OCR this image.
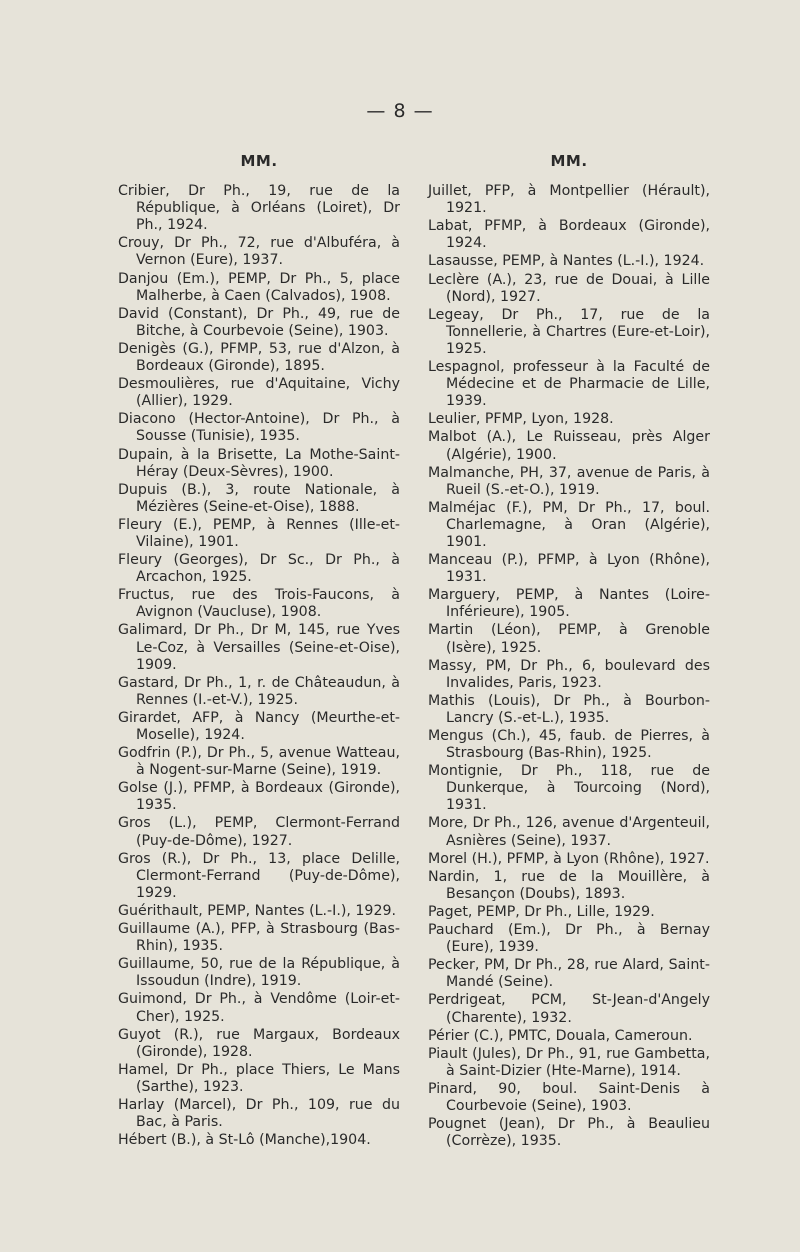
— 8 —
MM.

Cribier, Dr Ph., 19, rue de la République, à Orléans (Loiret), Dr Ph., 1924.

Crouy, Dr Ph., 72, rue d'Albuféra, à Vernon (Eure), 1937.

Danjou (Em.), PEMP, Dr Ph., 5, place Malherbe, à Caen (Calvados), 1908.

David (Constant), Dr Ph., 49, rue de Bitche, à Courbevoie (Seine), 1903.

Denigès (G.), PFMP, 53, rue d'Alzon, à Bordeaux (Gironde), 1895.

Desmoulières, rue d'Aquitaine, Vichy (Allier), 1929.

Diacono (Hector-Antoine), Dr Ph., à Sousse (Tunisie), 1935.

Dupain, à la Brisette, La Mothe-Saint-Héray (Deux-Sèvres), 1900.

Dupuis (B.), 3, route Nationale, à Mézières (Seine-et-Oise), 1888.

Fleury (E.), PEMP, à Rennes (Ille-et-Vilaine), 1901.

Fleury (Georges), Dr Sc., Dr Ph., à Arcachon, 1925.

Fructus, rue des Trois-Faucons, à Avignon (Vaucluse), 1908.

Galimard, Dr Ph., Dr M, 145, rue Yves Le-Coz, à Versailles (Seine-et-Oise), 1909.

Gastard, Dr Ph., 1, r. de Châteaudun, à Rennes (I.-et-V.), 1925.

Girardet, AFP, à Nancy (Meurthe-et-Moselle), 1924.

Godfrin (P.), Dr Ph., 5, avenue Watteau, à Nogent-sur-Marne (Seine), 1919.

Golse (J.), PFMP, à Bordeaux (Gironde), 1935.

Gros (L.), PEMP, Clermont-Ferrand (Puy-de-Dôme), 1927.

Gros (R.), Dr Ph., 13, place Delille, Clermont-Ferrand (Puy-de-Dôme), 1929.

Guérithault, PEMP, Nantes (L.-I.), 1929.

Guillaume (A.), PFP, à Strasbourg (Bas-Rhin), 1935.

Guillaume, 50, rue de la République, à Issoudun (Indre), 1919.

Guimond, Dr Ph., à Vendôme (Loir-et-Cher), 1925.

Guyot (R.), rue Margaux, Bordeaux (Gironde), 1928.

Hamel, Dr Ph., place Thiers, Le Mans (Sarthe), 1923.

Harlay (Marcel), Dr Ph., 109, rue du Bac, à Paris.

Hébert (B.), à St-Lô (Manche),1904.

MM.

Juillet, PFP, à Montpellier (Hérault), 1921.

Labat, PFMP, à Bordeaux (Gironde), 1924.

Lasausse, PEMP, à Nantes (L.-I.), 1924.

Leclère (A.), 23, rue de Douai, à Lille (Nord), 1927.

Legeay, Dr Ph., 17, rue de la Tonnellerie, à Chartres (Eure-et-Loir), 1925.

Lespagnol, professeur à la Faculté de Médecine et de Pharmacie de Lille, 1939.

Leulier, PFMP, Lyon, 1928.

Malbot (A.), Le Ruisseau, près Alger (Algérie), 1900.

Malmanche, PH, 37, avenue de Paris, à Rueil (S.-et-O.), 1919.

Malméjac (F.), PM, Dr Ph., 17, boul. Charlemagne, à Oran (Algérie), 1901.

Manceau (P.), PFMP, à Lyon (Rhône), 1931.

Marguery, PEMP, à Nantes (Loire-Inférieure), 1905.

Martin (Léon), PEMP, à Grenoble (Isère), 1925.

Massy, PM, Dr Ph., 6, boulevard des Invalides, Paris, 1923.

Mathis (Louis), Dr Ph., à Bourbon-Lancry (S.-et-L.), 1935.

Mengus (Ch.), 45, faub. de Pierres, à Strasbourg (Bas-Rhin), 1925.

Montignie, Dr Ph., 118, rue de Dunkerque, à Tourcoing (Nord), 1931.

More, Dr Ph., 126, avenue d'Argenteuil, Asnières (Seine), 1937.

Morel (H.), PFMP, à Lyon (Rhône), 1927.

Nardin, 1, rue de la Mouillère, à Besançon (Doubs), 1893.

Paget, PEMP, Dr Ph., Lille, 1929.

Pauchard (Em.), Dr Ph., à Bernay (Eure), 1939.

Pecker, PM, Dr Ph., 28, rue Alard, Saint-Mandé (Seine).

Perdrigeat, PCM, St-Jean-d'Angely (Charente), 1932.

Périer (C.), PMTC, Douala, Cameroun.

Piault (Jules), Dr Ph., 91, rue Gambetta, à Saint-Dizier (Hte-Marne), 1914.

Pinard, 90, boul. Saint-Denis à Courbevoie (Seine), 1903.

Pougnet (Jean), Dr Ph., à Beaulieu (Corrèze), 1935.
